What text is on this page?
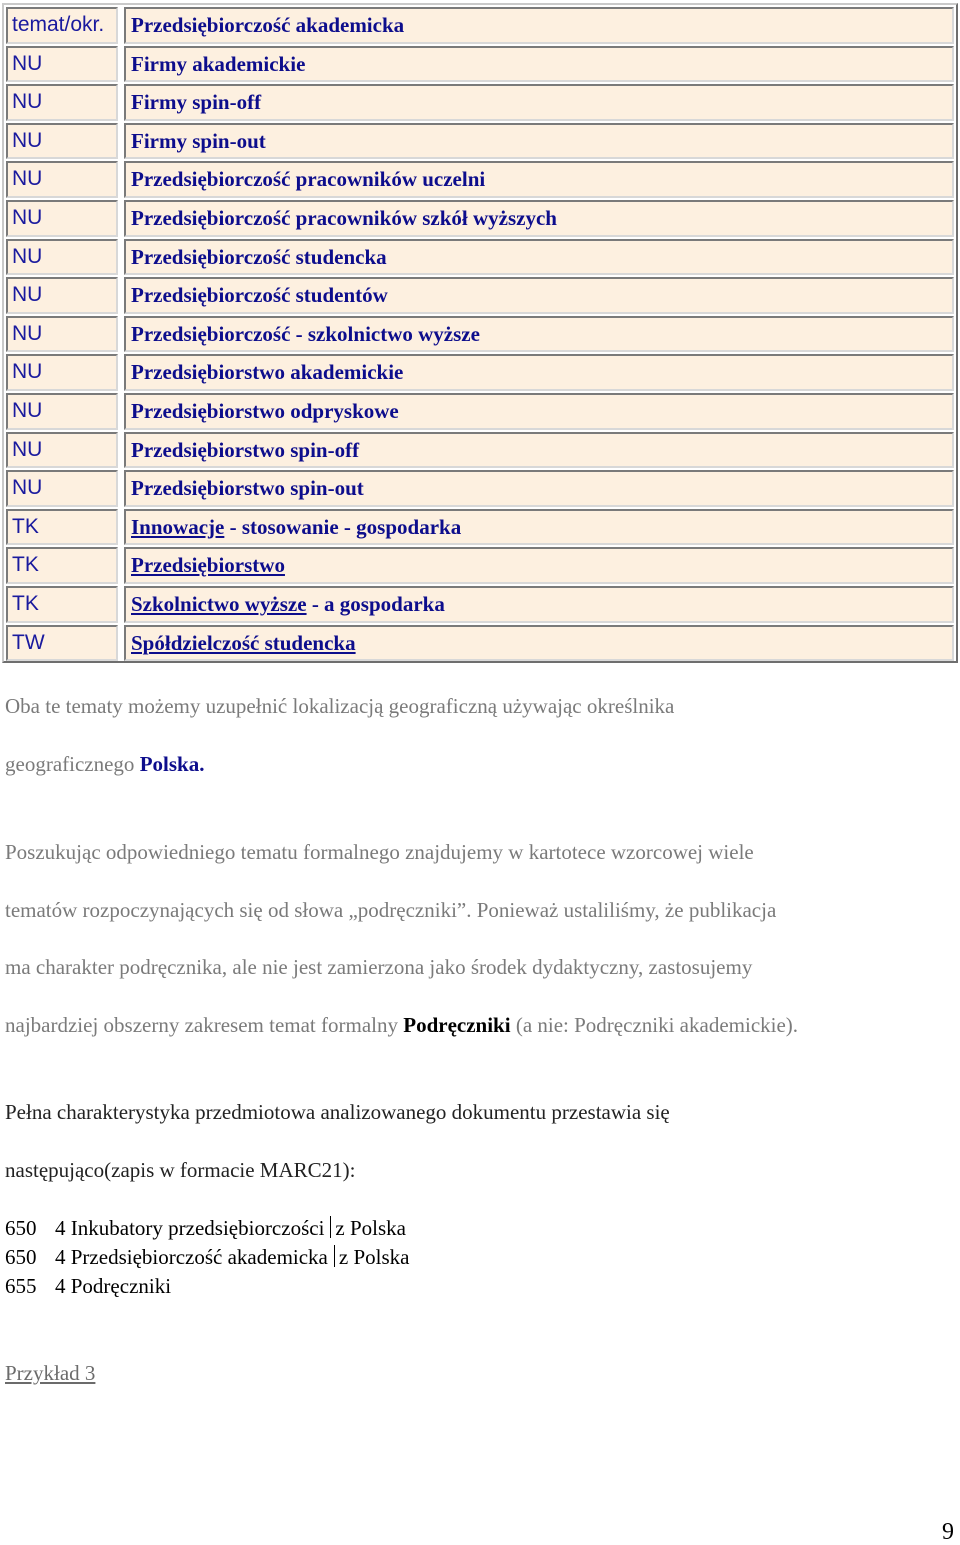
temat/okr.	Przedsiębiorczość akademicka
NU	Firmy akademickie
NU	Firmy spin-off
NU	Firmy spin-out
NU	Przedsiębiorczość pracowników uczelni
NU	Przedsiębiorczość pracowników szkół wyższych
NU	Przedsiębiorczość studencka
NU	Przedsiębiorczość studentów
NU	Przedsiębiorczość - szkolnictwo wyższe
NU	Przedsiębiorstwo akademickie
NU	Przedsiębiorstwo odpryskowe
NU	Przedsiębiorstwo spin-off
NU	Przedsiębiorstwo spin-out
TK	Innowacje - stosowanie - gospodarka
TK	Przedsiębiorstwo
TK	Szkolnictwo wyższe - a gospodarka
TW	Spółdzielczość studencka
Oba te tematy możemy uzupełnić lokalizacją geograficzną używając określnika
geograficznego Polska.
Poszukując odpowiedniego tematu formalnego znajdujemy w kartotece wzorcowej wiele
tematów rozpoczynających się od słowa „podręczniki”. Ponieważ ustaliliśmy, że publikacja
ma charakter podręcznika, ale nie jest zamierzona jako środek dydaktyczny, zastosujemy
najbardziej obszerny zakresem temat formalny Podręczniki (a nie: Podręczniki akademickie).
Pełna charakterystyka przedmiotowa analizowanego dokumentu przestawia się
następująco(zapis w formacie MARC21):
650 4 Inkubatory przedsiębiorczości z Polska
650 4 Przedsiębiorczość akademicka z Polska
655 4 Podręczniki
Przykład 3
9
